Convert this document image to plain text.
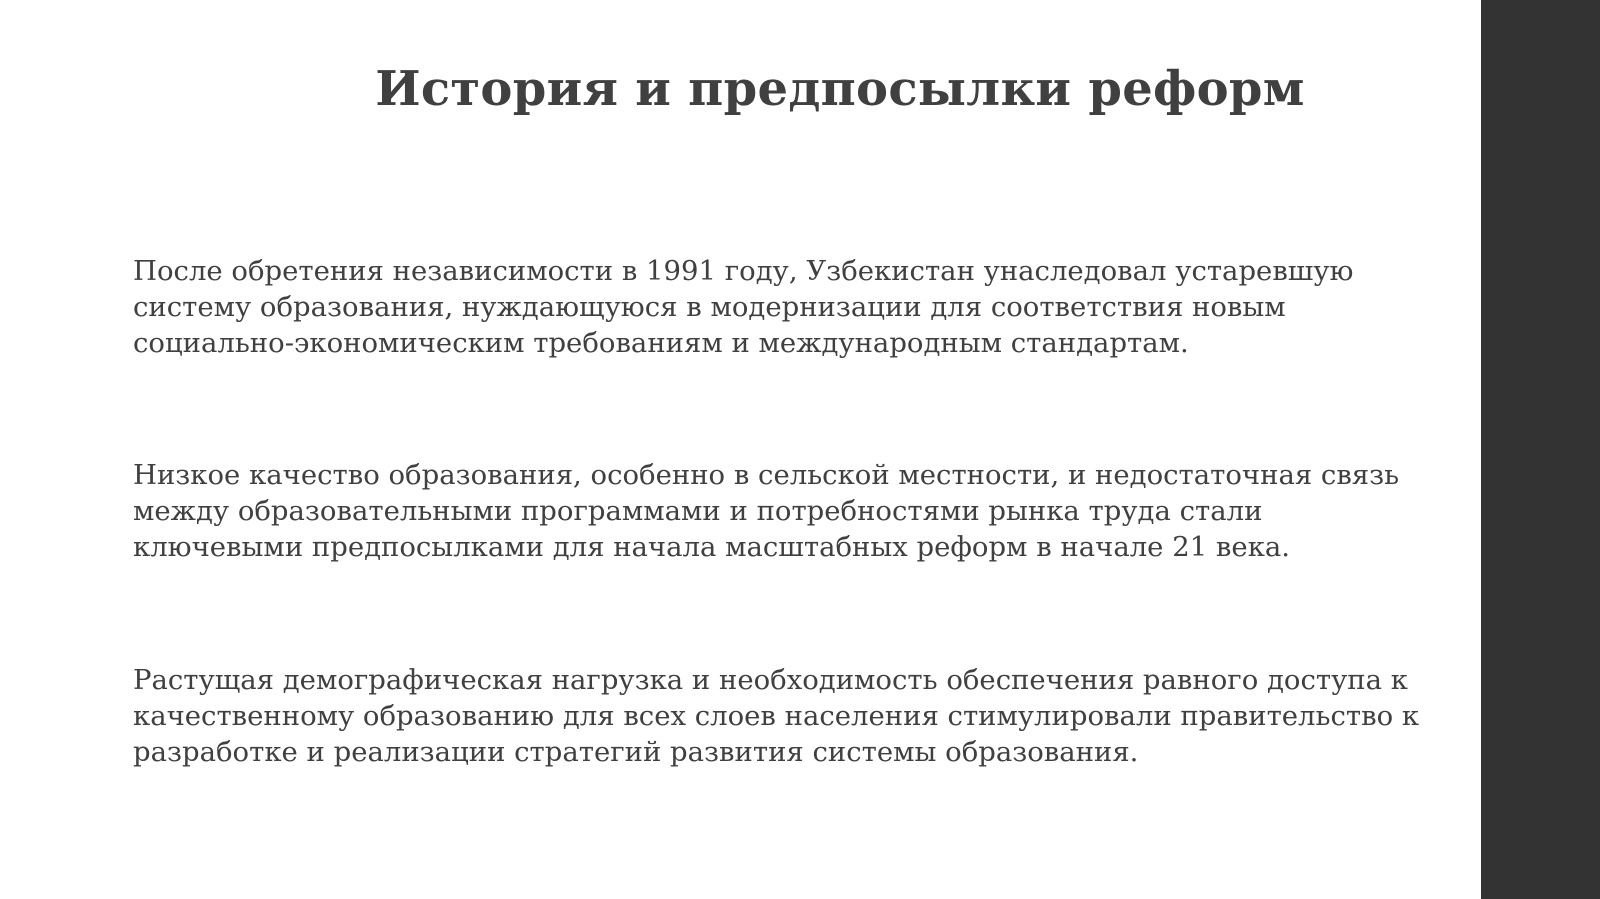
История и предпосылки реформ

После обретения независимости в 1991 году, Узбекистан унаследовал устаревшую
систему образования, нуждающуюся в модернизации для соответствия новым
социально-экономическим требованиям и международным стандартам.

Низкое качество образования, особенно в сельской местности, и недостаточная связь
между образовательными программами и потребностями рынка труда стали
ключевыми предпосылками для начала масштабных реформ в начале 21 века.

Растущая демографическая нагрузка и необходимость обеспечения равного доступа к
качественному образованию для всех слоев населения стимулировали правительство к
разработке и реализации стратегий развития системы образования.
